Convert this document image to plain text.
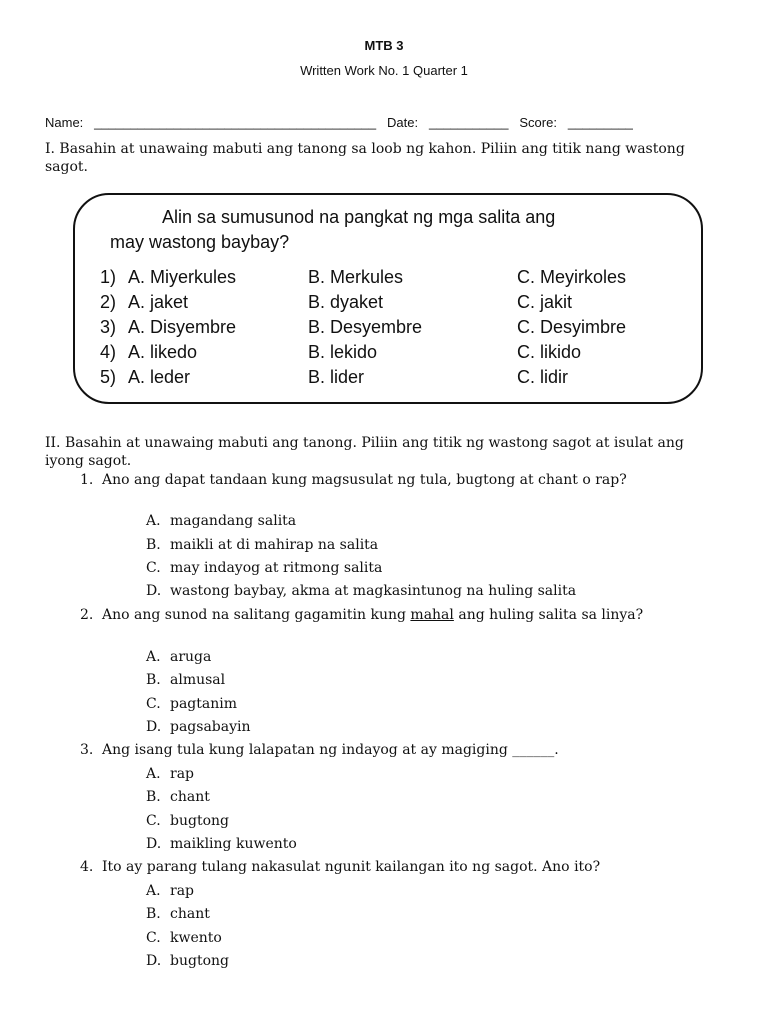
MTB 3
Written Work No. 1 Quarter 1
Name: _______________________________________ Date: ___________ Score: _________
I. Basahin at unawaing mabuti ang tanong sa loob ng kahon. Piliin ang titik nang wastong sagot.
Alin sa sumusunod na pangkat ng mga salita ang
may wastong baybay?
1) A. Miyerkules	B. Merkules	C. Meyirkoles
2) A. jaket	B. dyaket	C. jakit
3) A. Disyembre	B. Desyembre	C. Desyimbre
4) A. likedo	B. lekido	C. likido
5) A. leder	B. lider	C. lidir
II. Basahin at unawaing mabuti ang tanong. Piliin ang titik ng wastong sagot at isulat ang iyong sagot.
1. Ano ang dapat tandaan kung magsusulat ng tula, bugtong at chant o rap?
A. magandang salita
B. maikli at di mahirap na salita
C. may indayog at ritmong salita
D. wastong baybay, akma at magkasintunog na huling salita
2. Ano ang sunod na salitang gagamitin kung mahal ang huling salita sa linya?
A. aruga
B. almusal
C. pagtanim
D. pagsabayin
3. Ang isang tula kung lalapatan ng indayog at ay magiging ______.
A. rap
B. chant
C. bugtong
D. maikling kuwento
4. Ito ay parang tulang nakasulat ngunit kailangan ito ng sagot. Ano ito?
A. rap
B. chant
C. kwento
D. bugtong
